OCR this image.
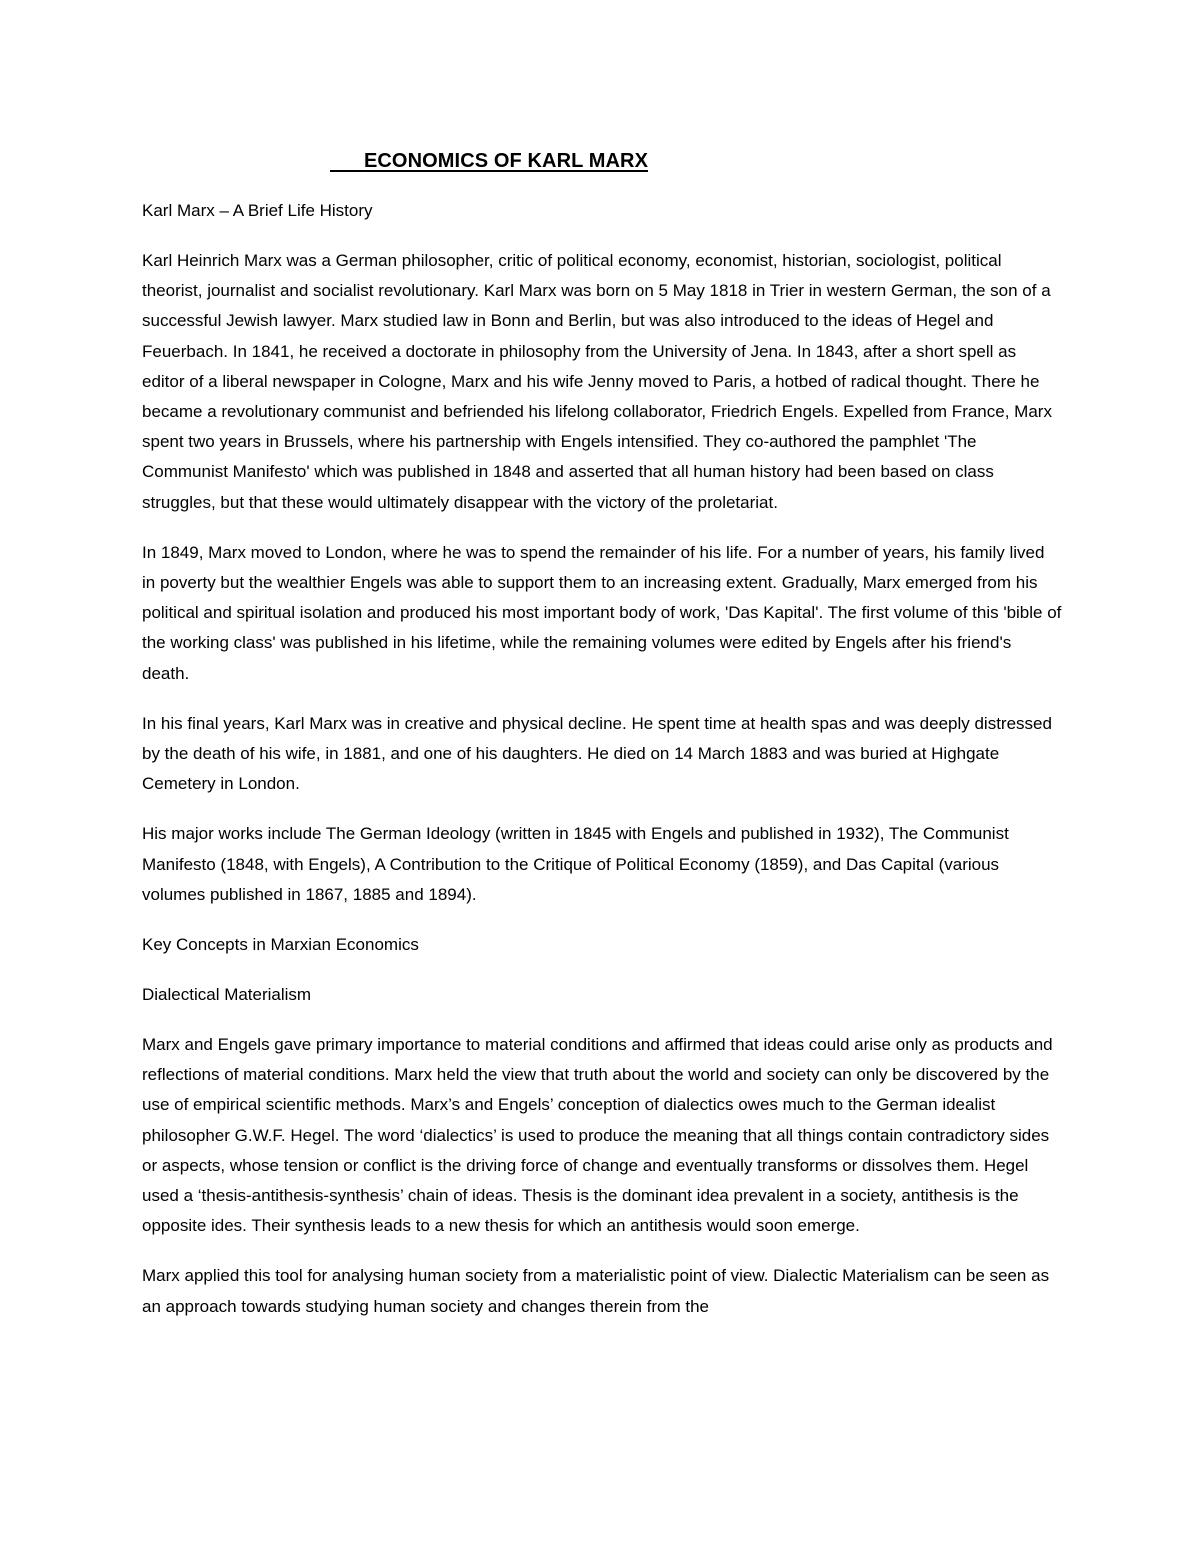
ECONOMICS OF KARL MARX

Karl Marx – A Brief Life History

Karl Heinrich Marx was a German philosopher, critic of political economy, economist, historian, sociologist, political theorist, journalist and socialist revolutionary. Karl Marx was born on 5 May 1818 in Trier in western German, the son of a successful Jewish lawyer. Marx studied law in Bonn and Berlin, but was also introduced to the ideas of Hegel and Feuerbach. In 1841, he received a doctorate in philosophy from the University of Jena. In 1843, after a short spell as editor of a liberal newspaper in Cologne, Marx and his wife Jenny moved to Paris, a hotbed of radical thought. There he became a revolutionary communist and befriended his lifelong collaborator, Friedrich Engels. Expelled from France, Marx spent two years in Brussels, where his partnership with Engels intensified. They co-authored the pamphlet 'The Communist Manifesto' which was published in 1848 and asserted that all human history had been based on class struggles, but that these would ultimately disappear with the victory of the proletariat.

In 1849, Marx moved to London, where he was to spend the remainder of his life. For a number of years, his family lived in poverty but the wealthier Engels was able to support them to an increasing extent. Gradually, Marx emerged from his political and spiritual isolation and produced his most important body of work, 'Das Kapital'. The first volume of this 'bible of the working class' was published in his lifetime, while the remaining volumes were edited by Engels after his friend's death.

In his final years, Karl Marx was in creative and physical decline. He spent time at health spas and was deeply distressed by the death of his wife, in 1881, and one of his daughters. He died on 14 March 1883 and was buried at Highgate Cemetery in London.

His major works include The German Ideology (written in 1845 with Engels and published in 1932), The Communist Manifesto (1848, with Engels), A Contribution to the Critique of Political Economy (1859), and Das Capital (various volumes published in 1867, 1885 and 1894).

Key Concepts in Marxian Economics

Dialectical Materialism

Marx and Engels gave primary importance to material conditions and affirmed that ideas could arise only as products and reflections of material conditions. Marx held the view that truth about the world and society can only be discovered by the use of empirical scientific methods. Marx’s and Engels’ conception of dialectics owes much to the German idealist philosopher G.W.F. Hegel. The word ‘dialectics’ is used to produce the meaning that all things contain contradictory sides or aspects, whose tension or conflict is the driving force of change and eventually transforms or dissolves them. Hegel used a ‘thesis-antithesis-synthesis’ chain of ideas. Thesis is the dominant idea prevalent in a society, antithesis is the opposite ides. Their synthesis leads to a new thesis for which an antithesis would soon emerge.

Marx applied this tool for analysing human society from a materialistic point of view. Dialectic Materialism can be seen as an approach towards studying human society and changes therein from the
